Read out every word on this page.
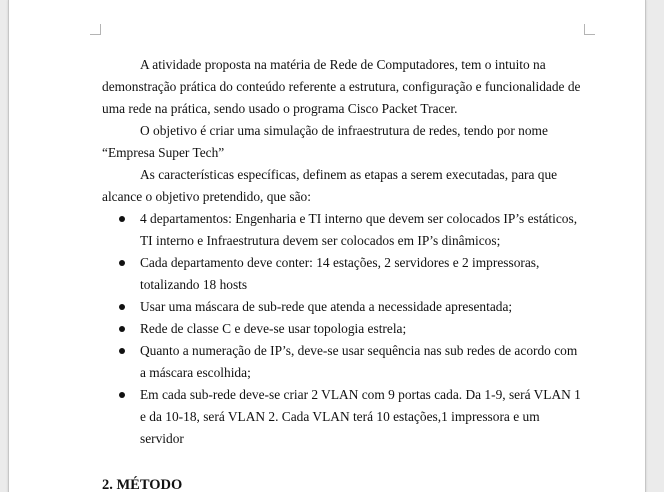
A atividade proposta na matéria de Rede de Computadores, tem o intuito na demonstração prática do conteúdo referente a estrutura, configuração e funcionalidade de uma rede na prática, sendo usado o programa Cisco Packet Tracer.

O objetivo é criar uma simulação de infraestrutura de redes, tendo por nome “Empresa Super Tech”

As características específicas, definem as etapas a serem executadas, para que alcance o objetivo pretendido, que são:

4 departamentos: Engenharia e TI interno que devem ser colocados IP’s estáticos, TI interno e Infraestrutura devem ser colocados em IP’s dinâmicos;
Cada departamento deve conter: 14 estações, 2 servidores e 2 impressoras, totalizando 18 hosts
Usar uma máscara de sub-rede que atenda a necessidade apresentada;
Rede de classe C e deve-se usar topologia estrela;
Quanto a numeração de IP’s, deve-se usar sequência nas sub redes de acordo com a máscara escolhida;
Em cada sub-rede deve-se criar 2 VLAN com 9 portas cada. Da 1-9, será VLAN 1 e da 10-18, será VLAN 2. Cada VLAN terá 10 estações,1 impressora e um servidor
2. MÉTODO
